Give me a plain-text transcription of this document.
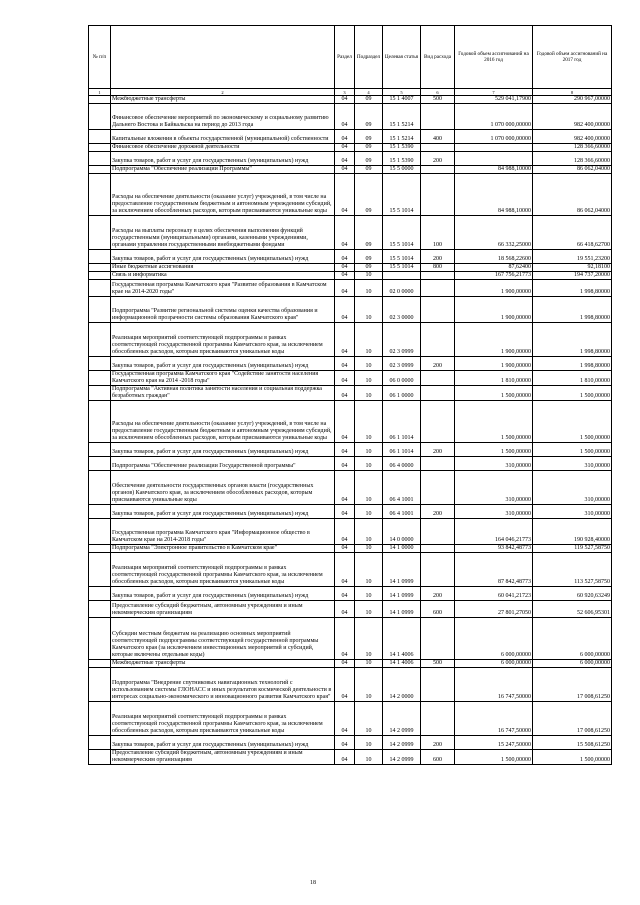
№ п/п		Раздел	Подраздел	Целевая статья	Вид расхода	Годовой объем ассигнований на 2016 год	Годовой объем ассигнований на 2017 год
1	2	3	4	5	6	7	8
	Межбюджетные трансферты	04	09	15 1 4007	500	529 041,17900	290 967,00000
	Финансовое обеспечение мероприятий по экономическому и социальному развитию Дальнего Востока и Байкальска на период до 2013 года	04	09	15 1 5214		1 070 000,00000	982 400,00000
	Капитальные вложения в объекты государственной (муниципальной) собственности	04	09	15 1 5214	400	1 070 000,00000	982 400,00000
	Финансовое обеспечение дорожной деятельности	04	09	15 1 5390			128 366,60000
	Закупка товаров, работ и услуг для государственных (муниципальных) нужд	04	09	15 1 5390	200		128 366,60000
	Подпрограмма "Обеспечение реализации Программы"	04	09	15 5 0000		84 988,10000	86 062,04000
	Расходы на обеспечение деятельности (оказание услуг) учреждений, в том числе на предоставление государственным бюджетным и автономным учреждениям субсидий, за исключением обособленных расходов, которым присваиваются уникальные коды	04	09	15 5 1014		84 988,10000	86 062,04000
	Расходы на выплаты персоналу в целях обеспечения выполнения функций государственными (муниципальными) органами, казенными учреждениями, органами управления государственными внебюджетными фондами	04	09	15 5 1014	100	66 332,25000	66 418,62700
	Закупка товаров, работ и услуг для государственных (муниципальных) нужд	04	09	15 5 1014	200	18 568,22600	19 551,23200
	Иные бюджетные ассигнования	04	09	15 5 1014	800	87,62400	92,18100
	Связь и информатика	04	10			167 756,21773	194 737,20000
	Государственная программа Камчатского края "Развитие образования в Камчатском крае на 2014-2020 годы"	04	10	02 0 0000		1 900,00000	1 998,80000
	Подпрограмма "Развитие региональной системы оценки качества образования и информационной прозрачности системы образования Камчатского края"	04	10	02 3 0000		1 900,00000	1 998,80000
	Реализация мероприятий соответствующей подпрограммы в рамках соответствующей государственной программы Камчатского края, за исключением обособленных расходов, которым присваиваются уникальные коды	04	10	02 3 0999		1 900,00000	1 998,80000
	Закупка товаров, работ и услуг для государственных (муниципальных) нужд	04	10	02 3 0999	200	1 900,00000	1 998,80000
	Государственная программа Камчатского края "Содействие занятости населения Камчатского края на 2014 -2018 годы"	04	10	06 0 0000		1 810,00000	1 810,00000
	Подпрограмма "Активная политика занятости населения и социальная поддержка безработных граждан"	04	10	06 1 0000		1 500,00000	1 500,00000
	Расходы на обеспечение деятельности (оказание услуг) учреждений, в том числе на предоставление государственным бюджетным и автономным учреждениям субсидий, за исключением обособленных расходов, которым присваиваются уникальные коды	04	10	06 1 1014		1 500,00000	1 500,00000
	Закупка товаров, работ и услуг для государственных (муниципальных) нужд	04	10	06 1 1014	200	1 500,00000	1 500,00000
	Подпрограмма "Обеспечение реализации Государственной программы"	04	10	06 4 0000		310,00000	310,00000
	Обеспечение деятельности государственных органов власти (государственных органов) Камчатского края, за исключением обособленных расходов, которым присваиваются уникальные коды	04	10	06 4 1001		310,00000	310,00000
	Закупка товаров, работ и услуг для государственных (муниципальных) нужд	04	10	06 4 1001	200	310,00000	310,00000
	Государственная программа Камчатского края "Информационное общество в Камчатском крае на 2014-2018 годы"	04	10	14 0 0000		164 046,21773	190 928,40000
	Подпрограмма "Электронное правительство в Камчатском крае"	04	10	14 1 0000		93 842,48773	119 527,58750
	Реализация мероприятий соответствующей подпрограммы в рамках соответствующей государственной программы Камчатского края, за исключением обособленных расходов, которым присваиваются уникальные коды	04	10	14 1 0999		87 842,48773	113 527,58750
	Закупка товаров, работ и услуг для государственных (муниципальных) нужд	04	10	14 1 0999	200	60 041,21723	60 920,63249
	Предоставление субсидий бюджетным, автономным учреждениям и иным некоммерческим организациям	04	10	14 1 0999	600	27 801,27050	52 606,95301
	Субсидии местным бюджетам на реализацию основных мероприятий соответствующей подпрограммы соответствующей государственной программы Камчатского края (за исключением инвестиционных мероприятий и субсидий, которые включены отдельные коды)	04	10	14 1 4006		6 000,00000	6 000,00000
	Межбюджетные трансферты	04	10	14 1 4006	500	6 000,00000	6 000,00000
	Подпрограмма "Внедрение спутниковых навигационных технологий с использованием системы ГЛОНАСС и иных результатов космической деятельности в интересах социально-экономического и инновационного развития Камчатского края"	04	10	14 2 0000		16 747,50000	17 008,61250
	Реализация мероприятий соответствующей подпрограммы в рамках соответствующей государственной программы Камчатского края, за исключением обособленных расходов, которым присваиваются уникальные коды	04	10	14 2 0999		16 747,50000	17 008,61250
	Закупка товаров, работ и услуг для государственных (муниципальных) нужд	04	10	14 2 0999	200	15 247,50000	15 508,61250
	Предоставление субсидий бюджетным, автономным учреждениям и иным некоммерческим организациям	04	10	14 2 0999	600	1 500,00000	1 500,00000
18
